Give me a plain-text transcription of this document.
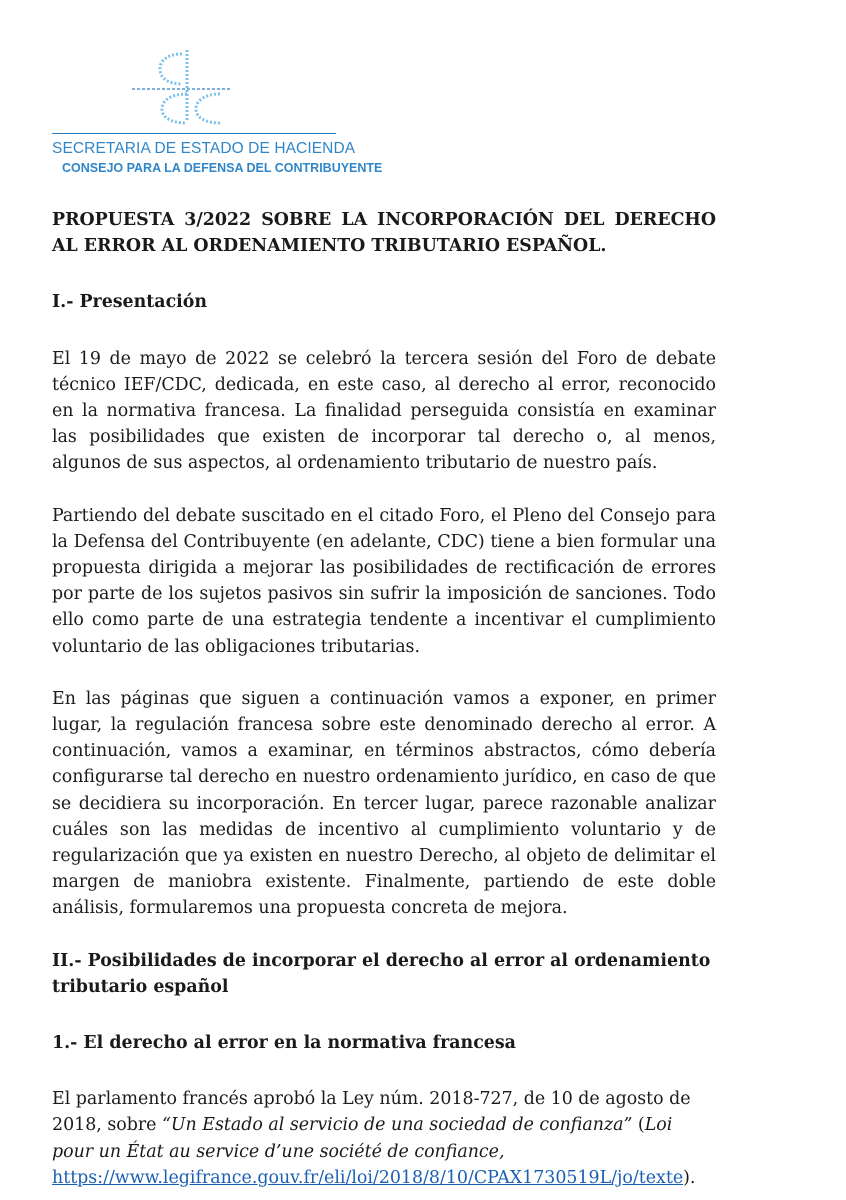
SECRETARIA DE ESTADO DE HACIENDA
CONSEJO PARA LA DEFENSA DEL CONTRIBUYENTE

PROPUESTA 3/2022 SOBRE LA INCORPORACIÓN DEL DERECHO AL ERROR AL ORDENAMIENTO TRIBUTARIO ESPAÑOL.

I.- Presentación

El 19 de mayo de 2022 se celebró la tercera sesión del Foro de debate técnico IEF/CDC, dedicada, en este caso, al derecho al error, reconocido en la normativa francesa. La finalidad perseguida consistía en examinar las posibilidades que existen de incorporar tal derecho o, al menos, algunos de sus aspectos, al ordenamiento tributario de nuestro país.

Partiendo del debate suscitado en el citado Foro, el Pleno del Consejo para la Defensa del Contribuyente (en adelante, CDC) tiene a bien formular una propuesta dirigida a mejorar las posibilidades de rectificación de errores por parte de los sujetos pasivos sin sufrir la imposición de sanciones. Todo ello como parte de una estrategia tendente a incentivar el cumplimiento voluntario de las obligaciones tributarias.

En las páginas que siguen a continuación vamos a exponer, en primer lugar, la regulación francesa sobre este denominado derecho al error. A continuación, vamos a examinar, en términos abstractos, cómo debería configurarse tal derecho en nuestro ordenamiento jurídico, en caso de que se decidiera su incorporación. En tercer lugar, parece razonable analizar cuáles son las medidas de incentivo al cumplimiento voluntario y de regularización que ya existen en nuestro Derecho, al objeto de delimitar el margen de maniobra existente. Finalmente, partiendo de este doble análisis, formularemos una propuesta concreta de mejora.

II.- Posibilidades de incorporar el derecho al error al ordenamiento tributario español

1.- El derecho al error en la normativa francesa

El parlamento francés aprobó la Ley núm. 2018-727, de 10 de agosto de 2018, sobre “Un Estado al servicio de una sociedad de confianza” (Loi pour un État au service d’une société de confiance,
https://www.legifrance.gouv.fr/eli/loi/2018/8/10/CPAX1730519L/jo/texte).
